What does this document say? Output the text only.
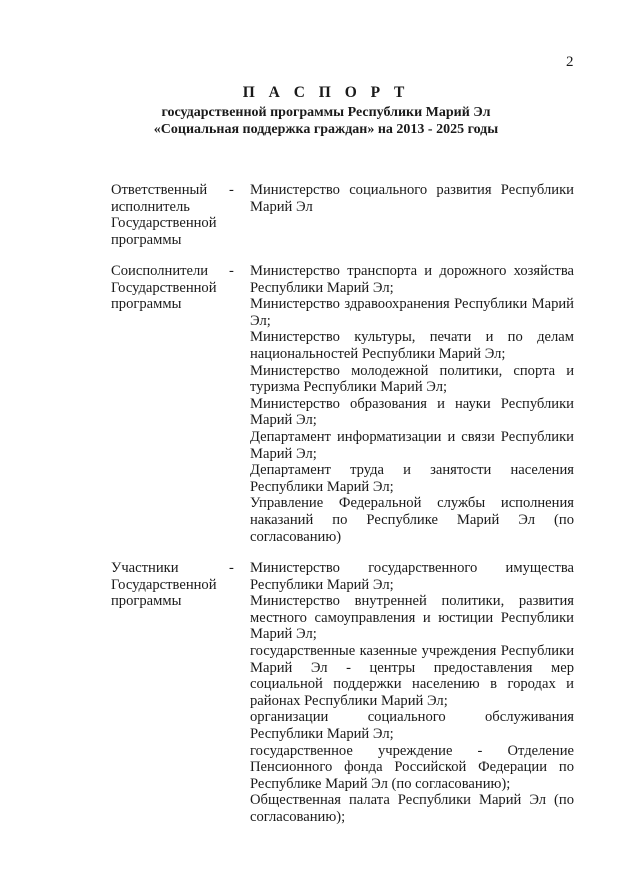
2
П А С П О Р Т
государственной программы Республики Марий Эл
«Социальная поддержка граждан» на 2013 - 2025 годы
Ответственный
исполнитель
Государственной
программы
-	Министерство социального развития Республики Марий Эл

Соисполнители
Государственной
программы
-	Министерство транспорта и дорожного хозяйства Республики Марий Эл;

Министерство здравоохранения Республики Марий Эл;

Министерство культуры, печати и по делам национальностей Республики Марий Эл;

Министерство молодежной политики, спорта и туризма Республики Марий Эл;

Министерство образования и науки Республики Марий Эл;

Департамент информатизации и связи Республики Марий Эл;

Департамент труда и занятости населения Республики Марий Эл;

Управление Федеральной службы исполнения наказаний по Республике Марий Эл (по согласованию)

Участники
Государственной
программы
-	Министерство государственного имущества Республики Марий Эл;

Министерство внутренней политики, развития местного самоуправления и юстиции Республики Марий Эл;

государственные казенные учреждения Республики Марий Эл - центры предоставления мер социальной поддержки населению в городах и районах Республики Марий Эл;

организации социального обслуживания Республики Марий Эл;

государственное учреждение - Отделение Пенсионного фонда Российской Федерации по Республике Марий Эл (по согласованию);

Общественная палата Республики Марий Эл (по согласованию);
